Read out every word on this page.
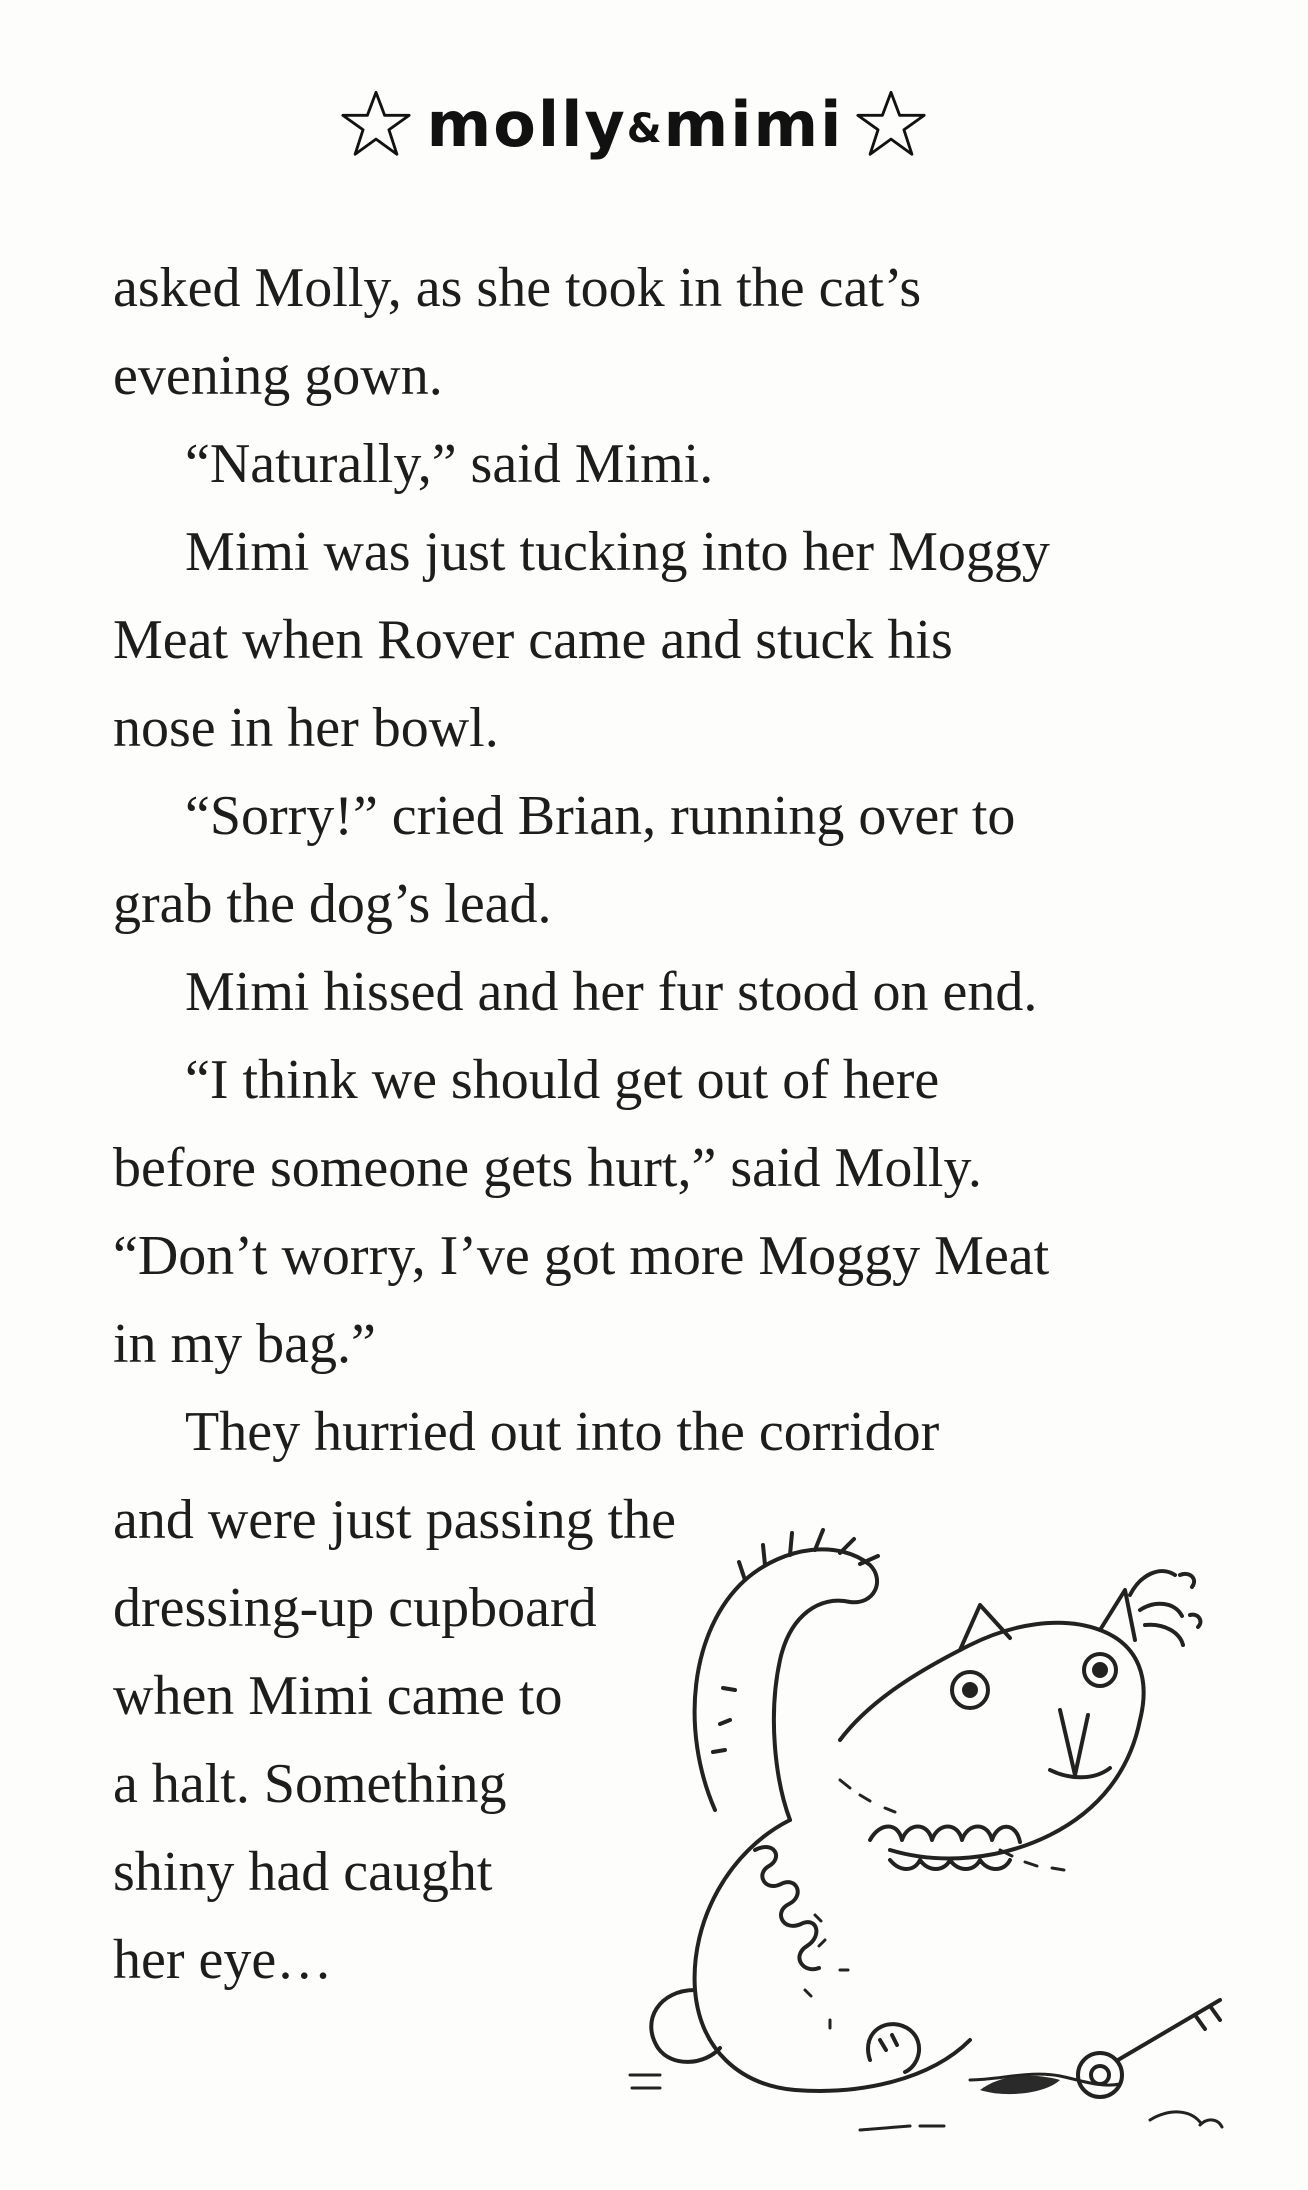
molly&mimi

asked Molly, as she took in the cat’s

evening gown.

“Naturally,” said Mimi.

Mimi was just tucking into her Moggy

Meat when Rover came and stuck his

nose in her bowl.

“Sorry!” cried Brian, running over to

grab the dog’s lead.

Mimi hissed and her fur stood on end.

“I think we should get out of here

before someone gets hurt,” said Molly.

“Don’t worry, I’ve got more Moggy Meat

in my bag.”

They hurried out into the corridor

and were just passing the

dressing-up cupboard

when Mimi came to

a halt. Something

shiny had caught

her eye…
